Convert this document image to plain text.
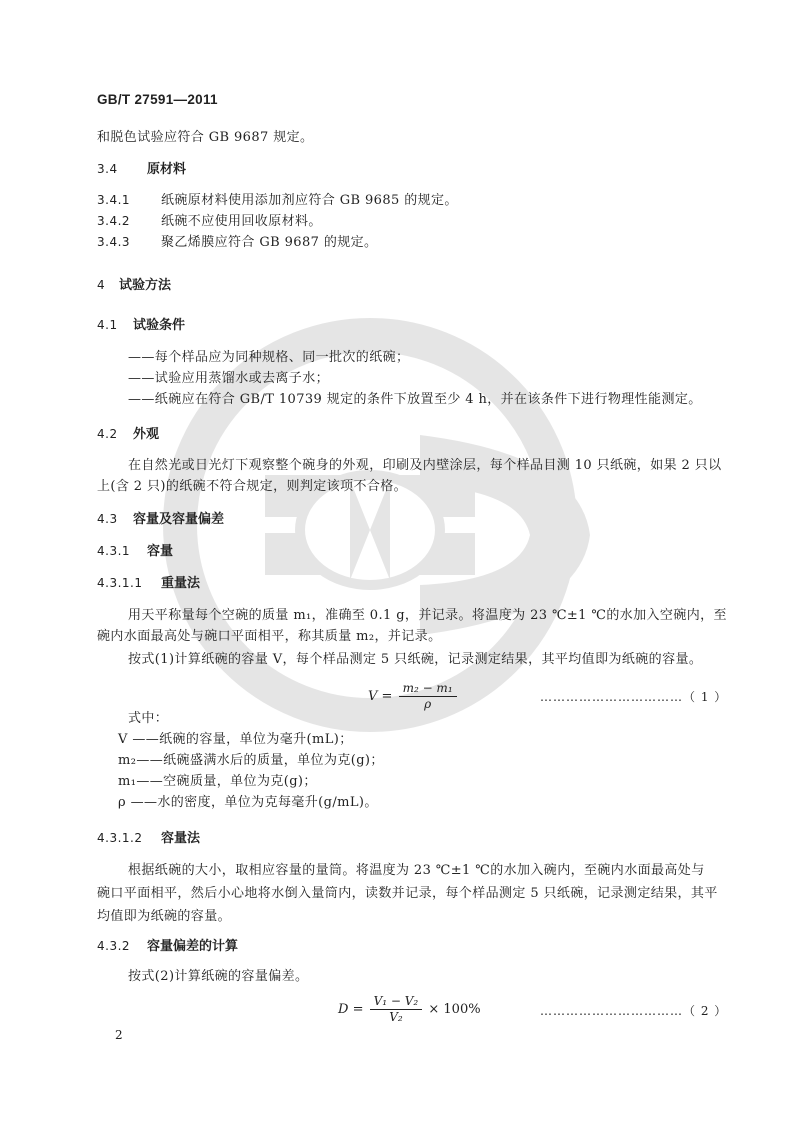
GB/T 27591—2011
和脱色试验应符合 GB 9687 规定。
3.4 原材料
3.4.1 纸碗原材料使用添加剂应符合 GB 9685 的规定。
3.4.2 纸碗不应使用回收原材料。
3.4.3 聚乙烯膜应符合 GB 9687 的规定。
4 试验方法
4.1 试验条件
——每个样品应为同种规格、同一批次的纸碗；
——试验应用蒸馏水或去离子水；
——纸碗应在符合 GB/T 10739 规定的条件下放置至少 4 h，并在该条件下进行物理性能测定。
4.2 外观
在自然光或日光灯下观察整个碗身的外观，印刷及内壁涂层，每个样品目测 10 只纸碗，如果 2 只以
上(含 2 只)的纸碗不符合规定，则判定该项不合格。
4.3 容量及容量偏差
4.3.1 容量
4.3.1.1 重量法
用天平称量每个空碗的质量 m₁，准确至 0.1 g，并记录。将温度为 23 ℃±1 ℃的水加入空碗内，至
碗内水面最高处与碗口平面相平，称其质量 m₂，并记录。
按式(1)计算纸碗的容量 V，每个样品测定 5 只纸碗，记录测定结果，其平均值即为纸碗的容量。
$V = \frac{\text{m₂ − m₁}}{\rho}$	……………………………（ 1 ）
式中：
V ——纸碗的容量，单位为毫升(mL)；
m₂——纸碗盛满水后的质量，单位为克(g)；
m₁——空碗质量，单位为克(g)；
ρ ——水的密度，单位为克每毫升(g/mL)。
4.3.1.2 容量法
根据纸碗的大小，取相应容量的量筒。将温度为 23 ℃±1 ℃的水加入碗内，至碗内水面最高处与
碗口平面相平，然后小心地将水倒入量筒内，读数并记录，每个样品测定 5 只纸碗，记录测定结果，其平
均值即为纸碗的容量。
4.3.2 容量偏差的计算
按式(2)计算纸碗的容量偏差。
$D = \frac{\text{V₁ − V₂}}{\text{V₂}} \times 100\%$	……………………………（ 2 ）
2
